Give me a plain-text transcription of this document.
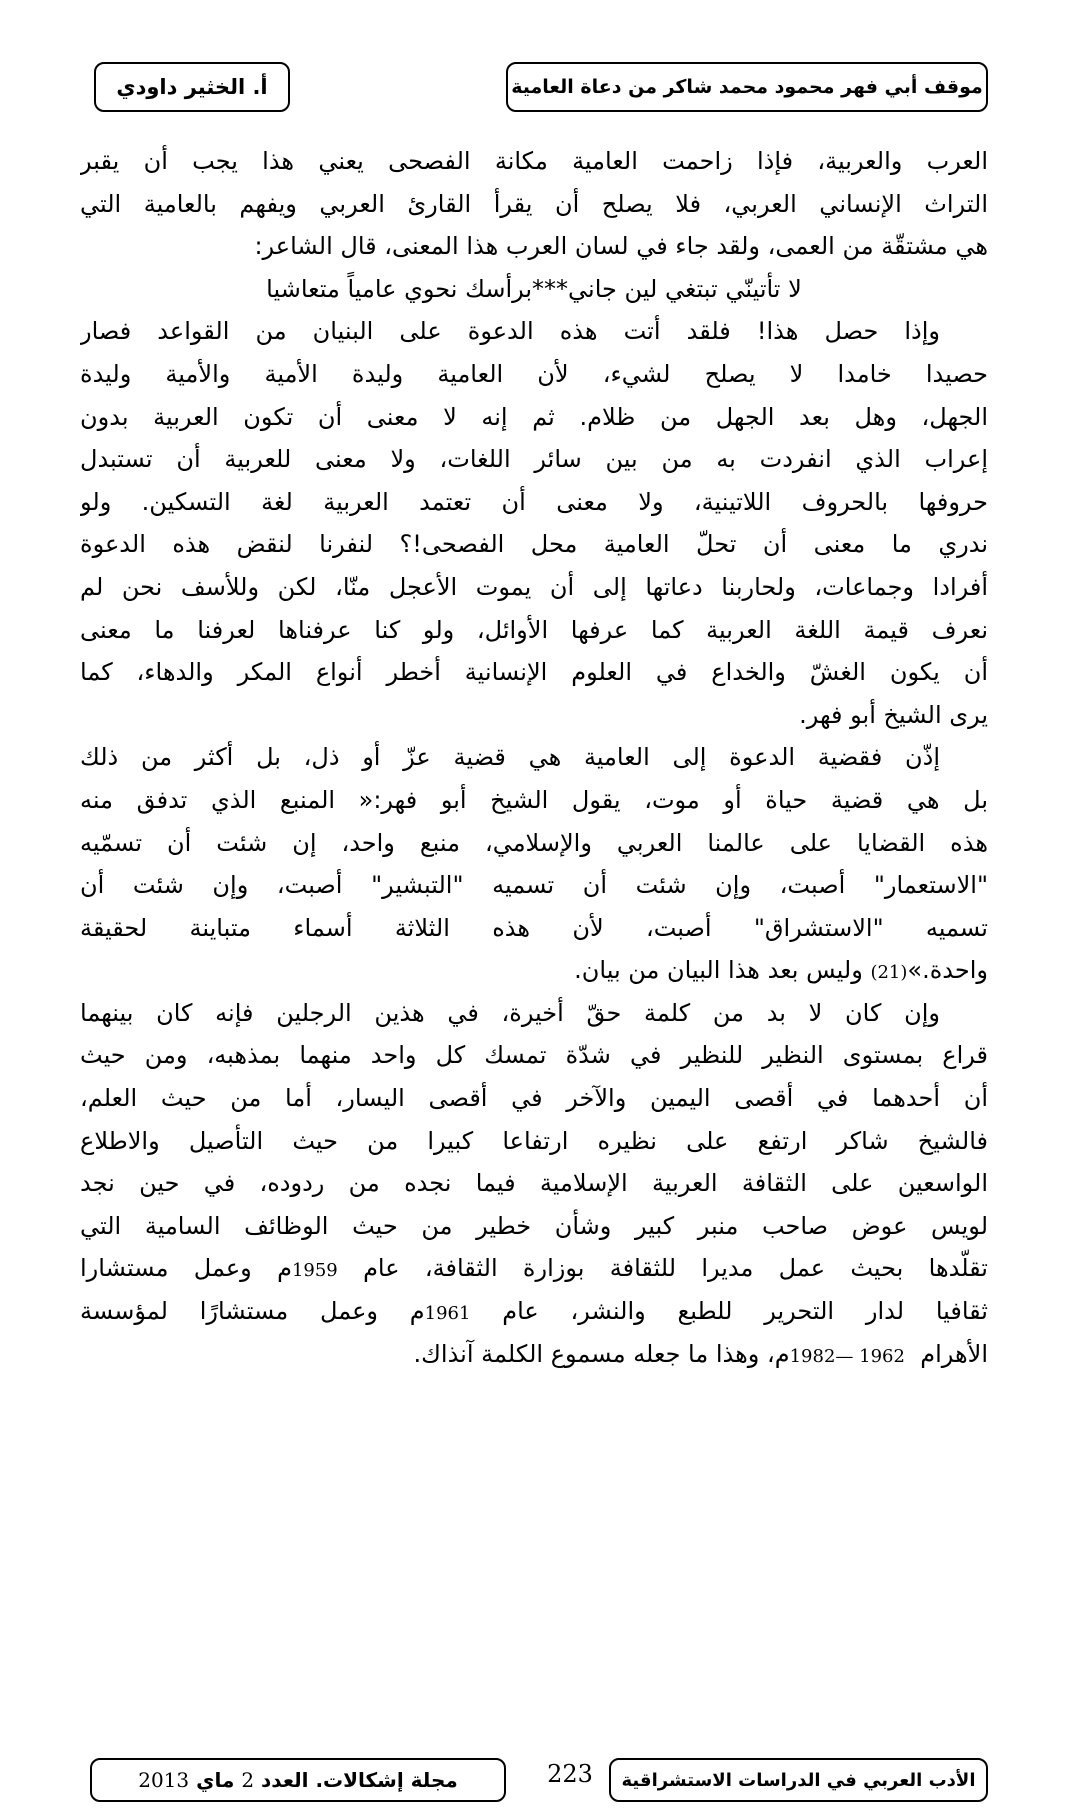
موقف أبي فهر محمود محمد شاكر من دعاة العامية
أ. الخثير داودي
العرب والعربية، فإذا زاحمت العامية مكانة الفصحى يعني هذا يجب أن يقبر
التراث الإنساني العربي، فلا يصلح أن يقرأ القارئ العربي ويفهم بالعامية التي
هي مشتقّة من العمى، ولقد جاء في لسان العرب هذا المعنى، قال الشاعر:
لا تأتينّي تبتغي لين جاني***برأسك نحوي عامياً متعاشيا
وإذا حصل هذا! فلقد أتت هذه الدعوة على البنيان من القواعد فصار
حصيدا خامدا لا يصلح لشيء، لأن العامية وليدة الأمية والأمية وليدة
الجهل، وهل بعد الجهل من ظلام. ثم إنه لا معنى أن تكون العربية بدون
إعراب الذي انفردت به من بين سائر اللغات، ولا معنى للعربية أن تستبدل
حروفها بالحروف اللاتينية، ولا معنى أن تعتمد العربية لغة التسكين. ولو
ندري ما معنى أن تحلّ العامية محل الفصحى!؟ لنفرنا لنقض هذه الدعوة
أفرادا وجماعات، ولحاربنا دعاتها إلى أن يموت الأعجل منّا، لكن وللأسف نحن لم
نعرف قيمة اللغة العربية كما عرفها الأوائل، ولو كنا عرفناها لعرفنا ما معنى
أن يكون الغشّ والخداع في العلوم الإنسانية أخطر أنواع المكر والدهاء، كما
يرى الشيخ أبو فهر.
إذّن فقضية الدعوة إلى العامية هي قضية عزّ أو ذل، بل أكثر من ذلك
بل هي قضية حياة أو موت، يقول الشيخ أبو فهر:« المنبع الذي تدفق منه
هذه القضايا على عالمنا العربي والإسلامي، منبع واحد، إن شئت أن تسمّيه
"الاستعمار" أصبت، وإن شئت أن تسميه "التبشير" أصبت، وإن شئت أن
تسميه "الاستشراق" أصبت، لأن هذه الثلاثة أسماء متباينة لحقيقة
واحدة.»(21) وليس بعد هذا البيان من بيان.
وإن كان لا بد من كلمة حقّ أخيرة، في هذين الرجلين فإنه كان بينهما
قراع بمستوى النظير للنظير في شدّة تمسك كل واحد منهما بمذهبه، ومن حيث
أن أحدهما في أقصى اليمين والآخر في أقصى اليسار، أما من حيث العلم،
فالشيخ شاكر ارتفع على نظيره ارتفاعا كبيرا من حيث التأصيل والاطلاع
الواسعين على الثقافة العربية الإسلامية فيما نجده من ردوده، في حين نجد
لويس عوض صاحب منبر كبير وشأن خطير من حيث الوظائف السامية التي
تقلّدها بحيث عمل مديرا للثقافة بوزارة الثقافة، عام 1959م وعمل مستشارا
ثقافيا لدار التحرير للطبع والنشر، عام 1961م وعمل مستشارًا لمؤسسة
الأهرام  1962 —1982م، وهذا ما جعله مسموع الكلمة آنذاك.
مجلة إشكالات. العدد

2

ماي

2013	223	الأدب العربي في الدراسات الاستشراقية
